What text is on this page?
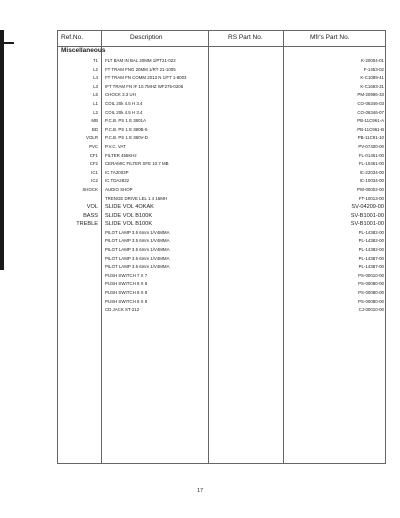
Ref.No.	Description	RS Part No.	Mfr's Part No.
Miscellaneous
T1 FLT BAM IN BAL 20MM 1/PT21-022	K-20004-01
L2 FT TRAM FNG 20MM 1/RT 21-1005	F-1453-02
L4 FT TRAM FN COMM 2013 N 1/FT 1-8003	K-C1089-41
L3 IFT TRAM FN IF 10.7MHZ WF275-0206	K-C1693-31
L5 CHOCK 3.3 UH	PM-20996-33
L1 COIL 20k 4.5 H 3.4	CO-06346-03
L2 COIL 20k 4.5 H 3.4	CO-06346-07
MB P.C.B. PS 1 E 3801A	PB-11C961-A
BD P.C.B. PS 1 E 380B-5	PB-11C961-B
VOLR P.C.B. PS 1 E 380V-D	PB-11C91-10
PVC P.V.C. VAT	PV-07400-00
CF1 FILTER 455KHz	FL-01461-00
CF2 CERAMIC FILTER SFE 10.7 MB	FL-10461-00
IC1 IC TA2003P	IC-22034-00
IC2 IC TDA2822	IC-10034-00
SHOCK AUDIO SHOP	PW-00002-00
TRENGE DRIVE LEL 1 4 16MH	FT-10013-00
VOL SLIDE VOL 4OKAK	SV-04209-00
BASS SLIDE VOL B100K	SV-B1001-00
TREBLE SLIDE VOL B100K	SV-B1001-00
PILOT LAMP 3.5 6mm 1/V4MMA	PL-14382-00
PILOT LAMP 3.5 6mm 1/V4MMA	PL-14382-00
PILOT LAMP 3.5 6mm 1/V4MMA	PL-14382-00
PILOT LAMP 3.5 6mm 1/V4MMA	PL-14387-00
PILOT LAMP 3.5 6mm 1/V4MMA	PL-14387-00
PUSH SWITCH 7 X 7	PS-00010-00
PUSH SWITCH 8 X 8	PS-00080-00
PUSH SWITCH 8 X 8	PS-00080-00
PUSH SWITCH 8 X 8	PS-00080-00
CD JACK ST-212	CJ-00010-00
17
